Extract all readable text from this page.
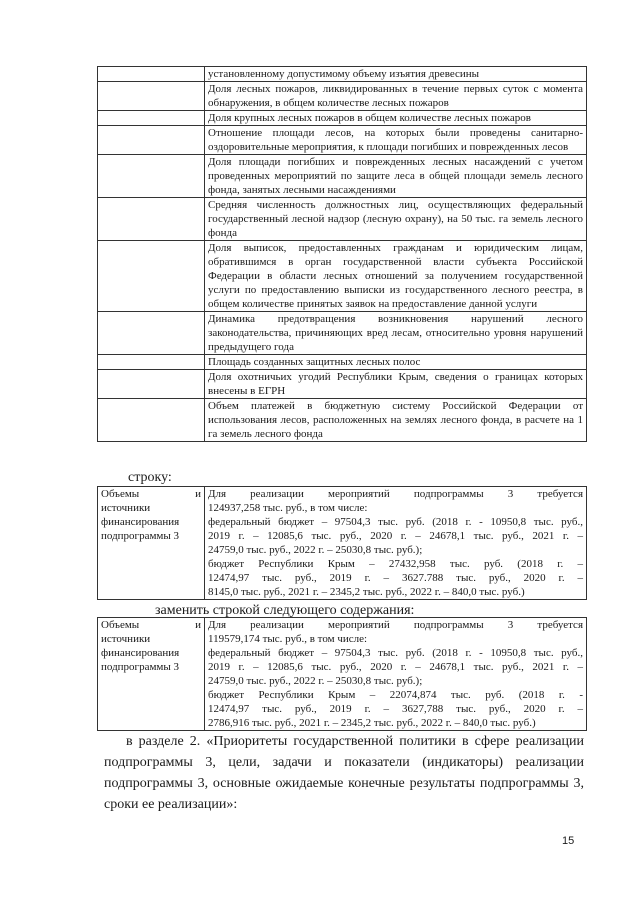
	установленному допустимому объему изъятия древесины
	Доля лесных пожаров, ликвидированных в течение первых суток с момента обнаружения, в общем количестве лесных пожаров
	Доля крупных лесных пожаров в общем количестве лесных пожаров
	Отношение площади лесов, на которых были проведены санитарно-оздоровительные мероприятия, к площади погибших и поврежденных лесов
	Доля площади погибших и поврежденных лесных насаждений с учетом проведенных мероприятий по защите леса в общей площади земель лесного фонда, занятых лесными насаждениями
	Средняя численность должностных лиц, осуществляющих федеральный государственный лесной надзор (лесную охрану), на 50 тыс. га земель лесного фонда
	Доля выписок, предоставленных гражданам и юридическим лицам, обратившимся в орган государственной власти субъекта Российской Федерации в области лесных отношений за получением государственной услуги по предоставлению выписки из государственного лесного реестра, в общем количестве принятых заявок на предоставление данной услуги
	Динамика предотвращения возникновения нарушений лесного законодательства, причиняющих вред лесам, относительно уровня нарушений предыдущего года
	Площадь созданных защитных лесных полос
	Доля охотничьих угодий Республики Крым, сведения о границах которых внесены в ЕГРН
	Объем платежей в бюджетную систему Российской Федерации от использования лесов, расположенных на землях лесного фонда, в расчете на 1 га земель лесного фонда
строку:
Объемы и
источники
финансирования
подпрограммы 3

Для реализации мероприятий подпрограммы 3 требуется
124937,258 тыс. руб., в том числе:
федеральный бюджет – 97504,3 тыс. руб. (2018 г. - 10950,8 тыс. руб.,
2019 г. – 12085,6 тыс. руб., 2020 г. – 24678,1 тыс. руб., 2021 г. –
24759,0 тыс. руб., 2022 г. – 25030,8 тыс. руб.);
бюджет Республики Крым – 27432,958 тыс. руб. (2018 г. –
12474,97 тыс. руб., 2019 г. – 3627.788 тыс. руб., 2020 г. –
8145,0 тыс. руб., 2021 г. – 2345,2 тыс. руб., 2022 г. – 840,0 тыс. руб.)
заменить строкой следующего содержания:
Объемы и
источники
финансирования
подпрограммы 3

Для реализации мероприятий подпрограммы 3 требуется
119579,174 тыс. руб., в том числе:
федеральный бюджет – 97504,3 тыс. руб. (2018 г. - 10950,8 тыс. руб.,
2019 г. – 12085,6 тыс. руб., 2020 г. – 24678,1 тыс. руб., 2021 г. –
24759,0 тыс. руб., 2022 г. – 25030,8 тыс. руб.);
бюджет Республики Крым – 22074,874 тыс. руб. (2018 г. -
12474,97 тыс. руб., 2019 г. – 3627,788 тыс. руб., 2020 г. –
2786,916 тыс. руб., 2021 г. – 2345,2 тыс. руб., 2022 г. – 840,0 тыс. руб.)
в разделе 2. «Приоритеты государственной политики в сфере реализации подпрограммы 3, цели, задачи и показатели (индикаторы) реализации подпрограммы 3, основные ожидаемые конечные результаты подпрограммы 3, сроки ее реализации»:
15
